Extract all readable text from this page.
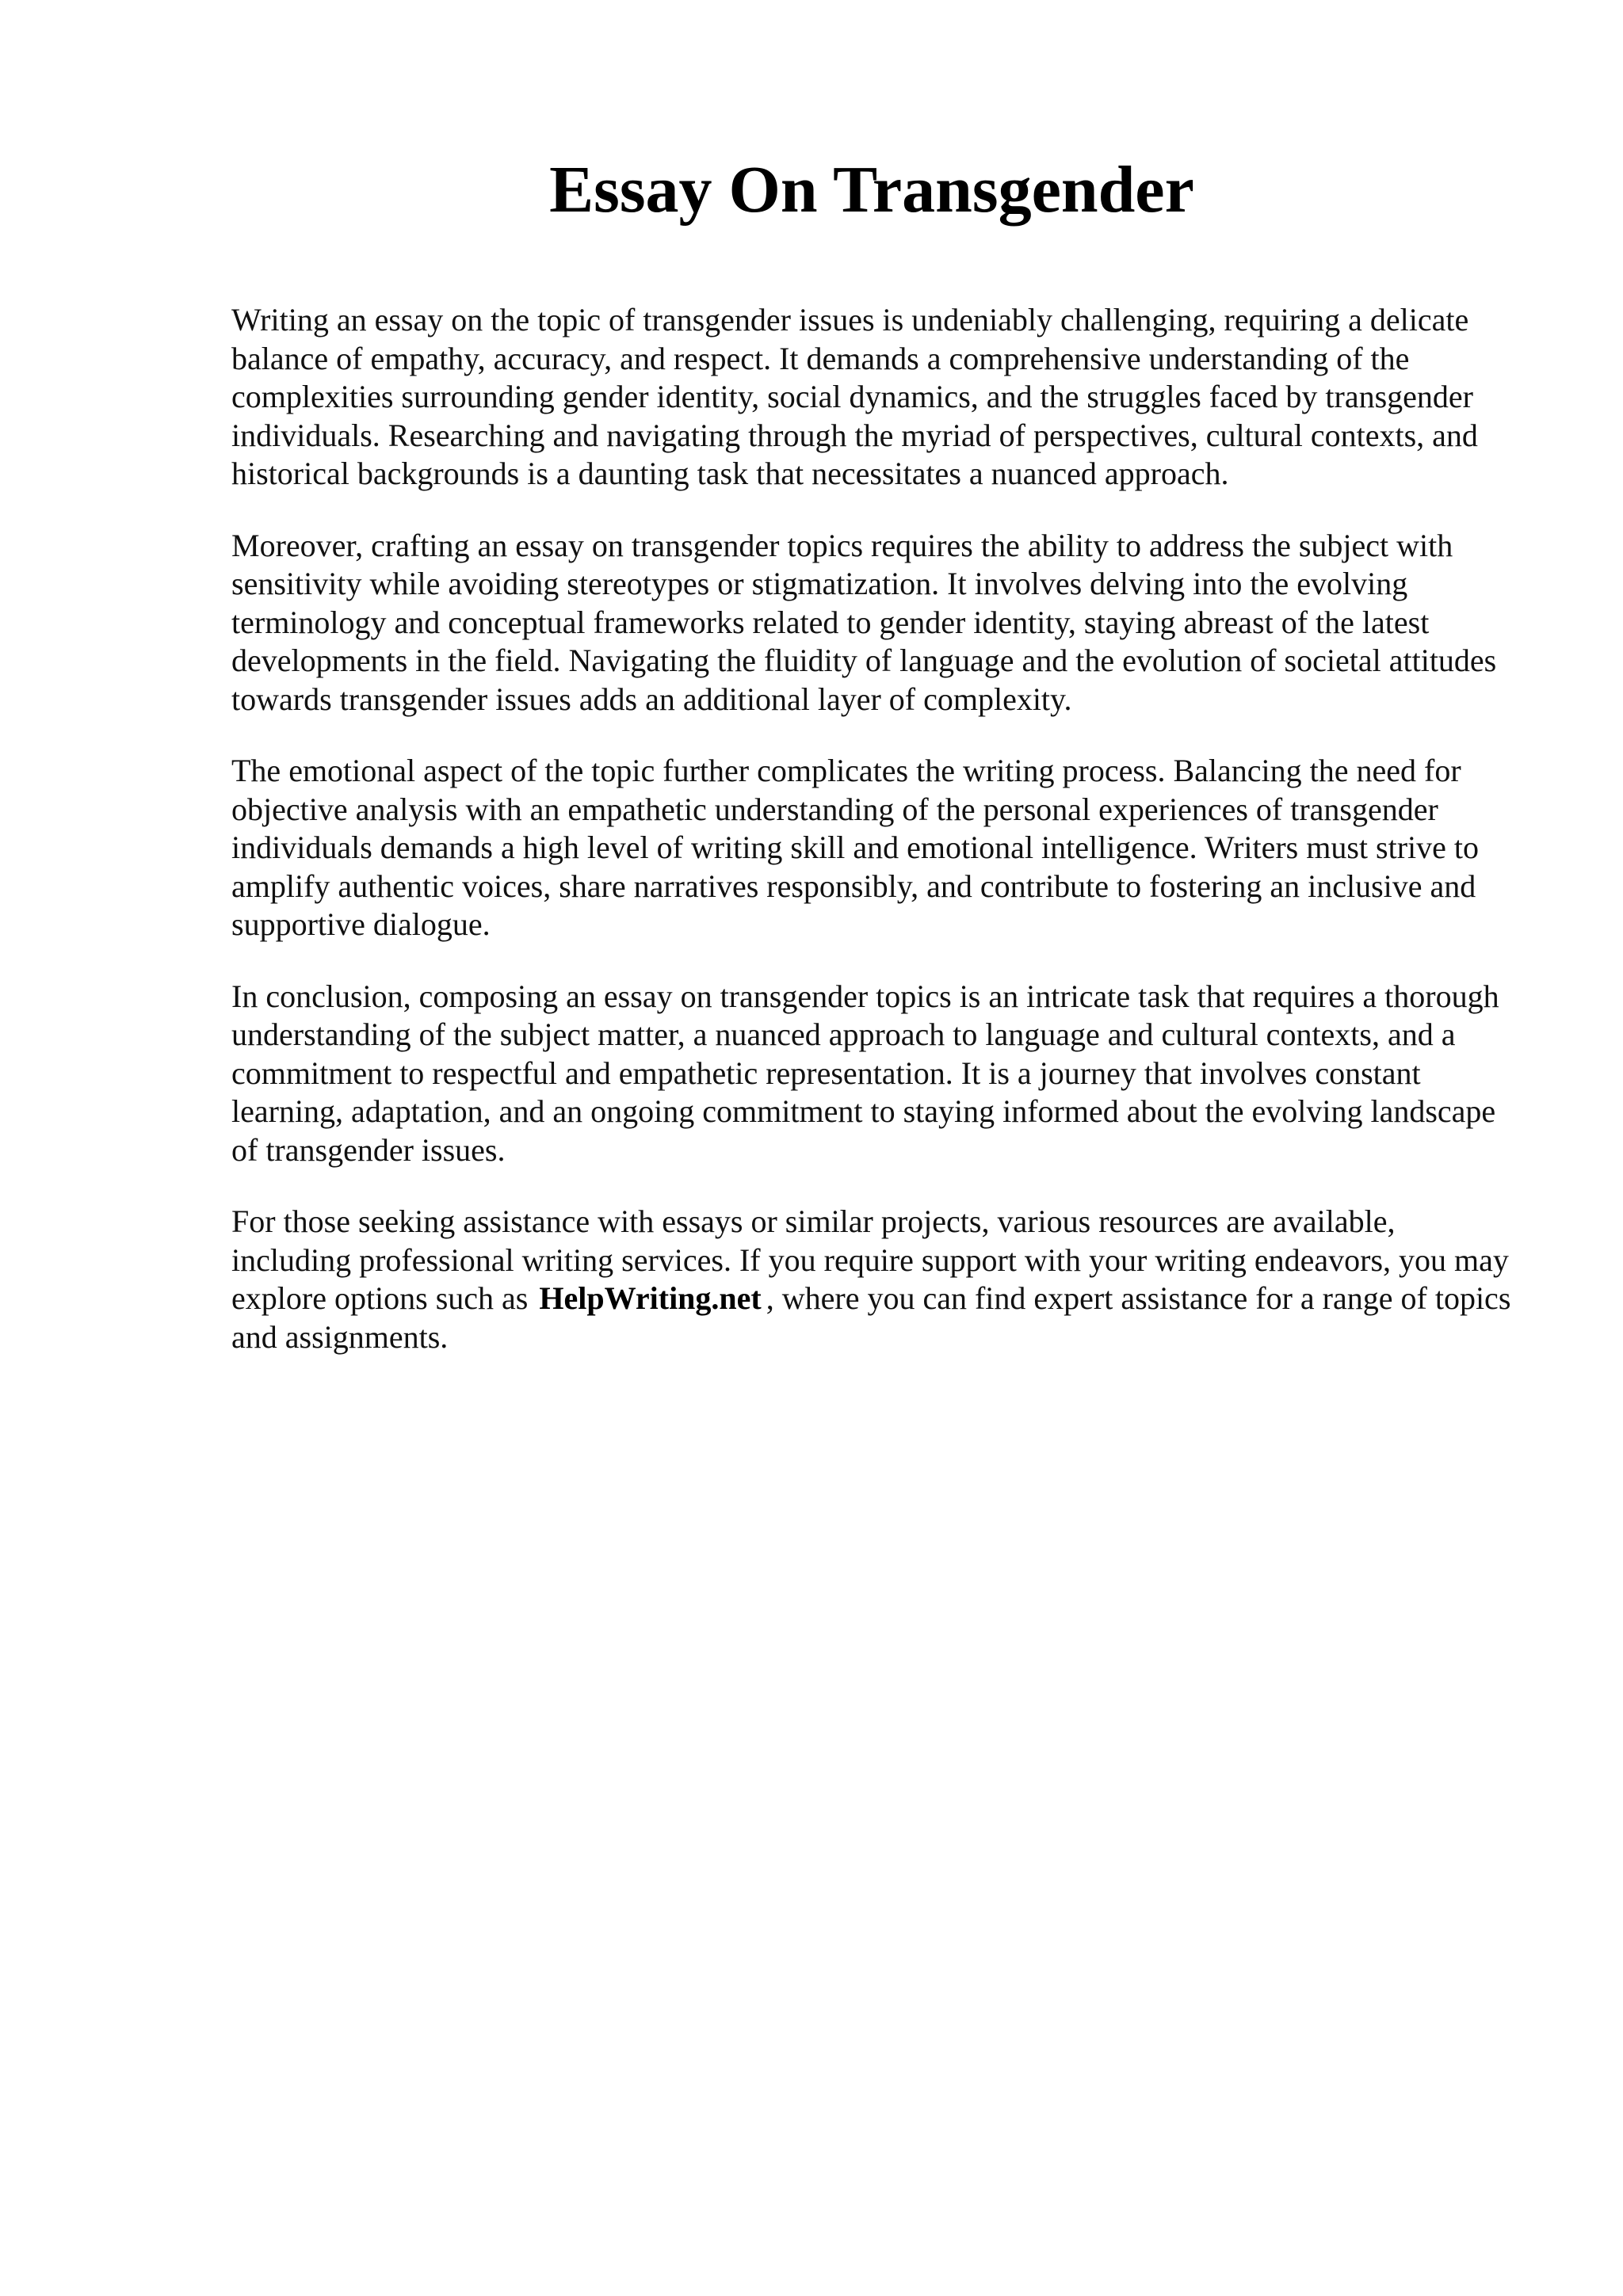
Essay On Transgender

Writing an essay on the topic of transgender issues is undeniably challenging, requiring a delicate balance of empathy, accuracy, and respect. It demands a comprehensive understanding of the complexities surrounding gender identity, social dynamics, and the struggles faced by transgender individuals. Researching and navigating through the myriad of perspectives, cultural contexts, and historical backgrounds is a daunting task that necessitates a nuanced approach.

Moreover, crafting an essay on transgender topics requires the ability to address the subject with sensitivity while avoiding stereotypes or stigmatization. It involves delving into the evolving terminology and conceptual frameworks related to gender identity, staying abreast of the latest developments in the field. Navigating the fluidity of language and the evolution of societal attitudes towards transgender issues adds an additional layer of complexity.

The emotional aspect of the topic further complicates the writing process. Balancing the need for objective analysis with an empathetic understanding of the personal experiences of transgender individuals demands a high level of writing skill and emotional intelligence. Writers must strive to amplify authentic voices, share narratives responsibly, and contribute to fostering an inclusive and supportive dialogue.

In conclusion, composing an essay on transgender topics is an intricate task that requires a thorough understanding of the subject matter, a nuanced approach to language and cultural contexts, and a commitment to respectful and empathetic representation. It is a journey that involves constant learning, adaptation, and an ongoing commitment to staying informed about the evolving landscape of transgender issues.

For those seeking assistance with essays or similar projects, various resources are available, including professional writing services. If you require support with your writing endeavors, you may explore options such as HelpWriting.net , where you can find expert assistance for a range of topics and assignments.
